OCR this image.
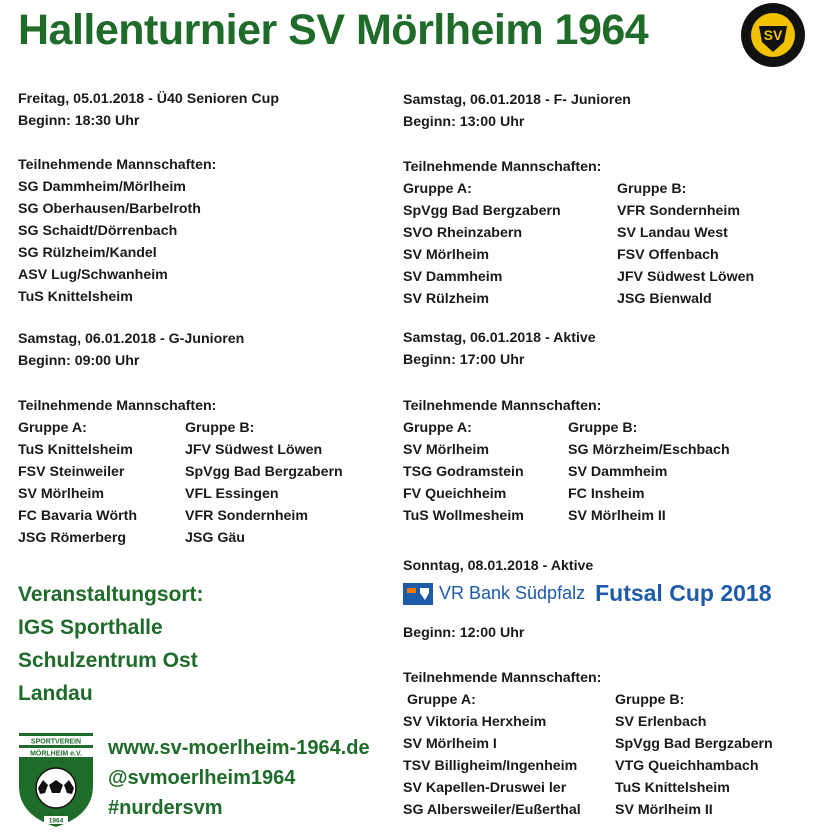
Hallenturnier SV Mörlheim 1964	SV
Freitag, 05.01.2018 - Ü40 Senioren Cup
Beginn: 18:30 Uhr
Teilnehmende Mannschaften:
SG Dammheim/Mörlheim
SG Oberhausen/Barbelroth
SG Schaidt/Dörrenbach
SG Rülzheim/Kandel
ASV Lug/Schwanheim
TuS Knittelsheim
Samstag, 06.01.2018 - G-Junioren
Beginn: 09:00 Uhr
Teilnehmende Mannschaften:
Gruppe A:
TuS Knittelsheim
FSV Steinweiler
SV Mörlheim
FC Bavaria Wörth
JSG Römerberg
Gruppe B:
JFV Südwest Löwen
SpVgg Bad Bergzabern
VFL Essingen
VFR Sondernheim
JSG Gäu
Veranstaltungsort:
IGS Sporthalle
Schulzentrum Ost
Landau
SPORTVEREIN
MÖRLHEIM e.V.
1964
www.sv-moerlheim-1964.de
@svmoerlheim1964
#nurdersvm
Samstag, 06.01.2018 - F- Junioren
Beginn: 13:00 Uhr
Teilnehmende Mannschaften:
Gruppe A:
SpVgg Bad Bergzabern
SVO Rheinzabern
SV Mörlheim
SV Dammheim
SV Rülzheim
Gruppe B:
VFR Sondernheim
SV Landau West
FSV Offenbach
JFV Südwest Löwen
JSG Bienwald
Samstag, 06.01.2018 - Aktive
Beginn: 17:00 Uhr
Teilnehmende Mannschaften:
Gruppe A:
SV Mörlheim
TSG Godramstein
FV Queichheim
TuS Wollmesheim
Gruppe B:
SG Mörzheim/Eschbach
SV Dammheim
FC Insheim
SV Mörlheim II
Sonntag, 08.01.2018 - Aktive
VR Bank Südpfalz Futsal Cup 2018
Beginn: 12:00 Uhr
Teilnehmende Mannschaften:
Gruppe A:
SV Viktoria Herxheim
SV Mörlheim I
TSV Billigheim/Ingenheim
SV Kapellen-Druswei ler
SG Albersweiler/Eußerthal
Gruppe B:
SV Erlenbach
SpVgg Bad Bergzabern
VTG Queichhambach
TuS Knittelsheim
SV Mörlheim II
